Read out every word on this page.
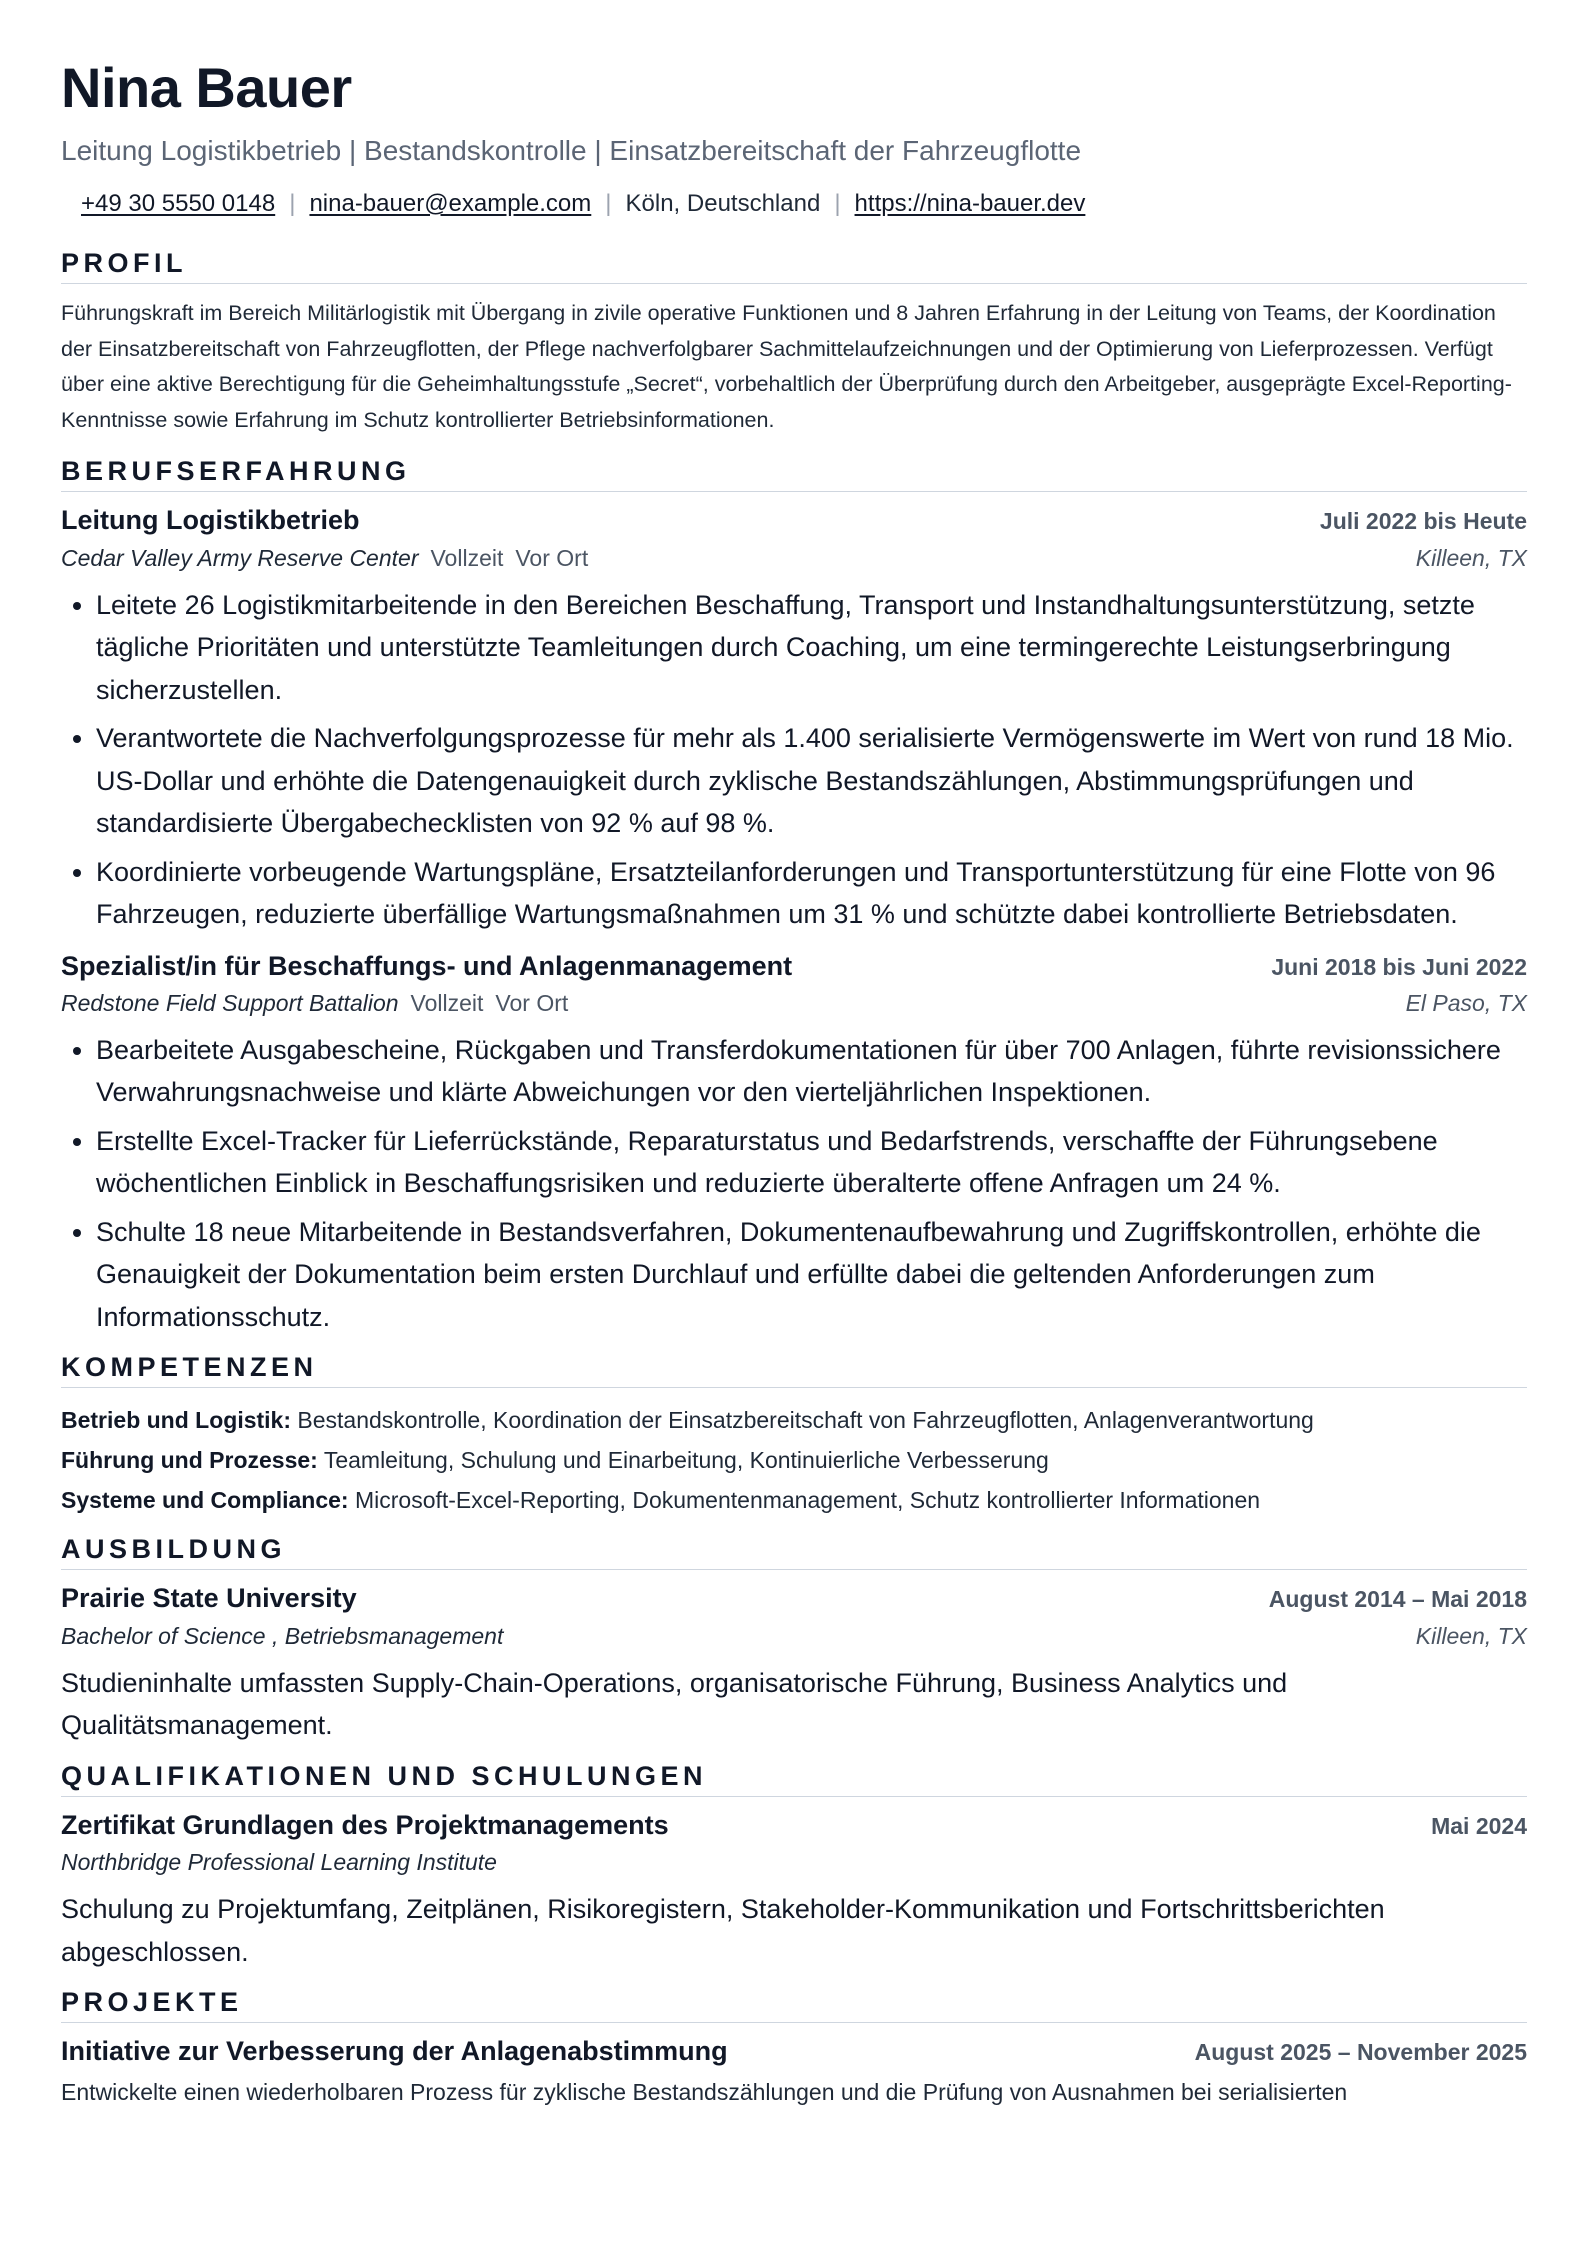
Nina Bauer
Leitung Logistikbetrieb | Bestandskontrolle | Einsatzbereitschaft der Fahrzeugflotte
+49 30 5550 0148 | nina-bauer@example.com | Köln, Deutschland | https://nina-bauer.dev
PROFIL
Führungskraft im Bereich Militärlogistik mit Übergang in zivile operative Funktionen und 8 Jahren Erfahrung in der Leitung von Teams, der Koordination der Einsatzbereitschaft von Fahrzeugflotten, der Pflege nachverfolgbarer Sachmittelaufzeichnungen und der Optimierung von Lieferprozessen. Verfügt über eine aktive Berechtigung für die Geheimhaltungsstufe „Secret“, vorbehaltlich der Überprüfung durch den Arbeitgeber, ausgeprägte Excel-Reporting-Kenntnisse sowie Erfahrung im Schutz kontrollierter Betriebsinformationen.
BERUFSERFAHRUNG
Leitung Logistikbetrieb	Juli 2022 bis Heute
Cedar Valley Army Reserve Center Vollzeit Vor Ort	Killeen, TX
• Leitete 26 Logistikmitarbeitende in den Bereichen Beschaffung, Transport und Instandhaltungsunterstützung, setzte tägliche Prioritäten und unterstützte Teamleitungen durch Coaching, um eine termingerechte Leistungserbringung sicherzustellen.
• Verantwortete die Nachverfolgungsprozesse für mehr als 1.400 serialisierte Vermögenswerte im Wert von rund 18 Mio. US-Dollar und erhöhte die Datengenauigkeit durch zyklische Bestandszählungen, Abstimmungsprüfungen und standardisierte Übergabechecklisten von 92 % auf 98 %.
• Koordinierte vorbeugende Wartungspläne, Ersatzteilanforderungen und Transportunterstützung für eine Flotte von 96 Fahrzeugen, reduzierte überfällige Wartungsmaßnahmen um 31 % und schützte dabei kontrollierte Betriebsdaten.
Spezialist/in für Beschaffungs- und Anlagenmanagement	Juni 2018 bis Juni 2022
Redstone Field Support Battalion Vollzeit Vor Ort	El Paso, TX
• Bearbeitete Ausgabescheine, Rückgaben und Transferdokumentationen für über 700 Anlagen, führte revisionssichere Verwahrungsnachweise und klärte Abweichungen vor den vierteljährlichen Inspektionen.
• Erstellte Excel-Tracker für Lieferrückstände, Reparaturstatus und Bedarfstrends, verschaffte der Führungsebene wöchentlichen Einblick in Beschaffungsrisiken und reduzierte überalterte offene Anfragen um 24 %.
• Schulte 18 neue Mitarbeitende in Bestandsverfahren, Dokumentenaufbewahrung und Zugriffskontrollen, erhöhte die Genauigkeit der Dokumentation beim ersten Durchlauf und erfüllte dabei die geltenden Anforderungen zum Informationsschutz.
KOMPETENZEN
Betrieb und Logistik: Bestandskontrolle, Koordination der Einsatzbereitschaft von Fahrzeugflotten, Anlagenverantwortung
Führung und Prozesse: Teamleitung, Schulung und Einarbeitung, Kontinuierliche Verbesserung
Systeme und Compliance: Microsoft-Excel-Reporting, Dokumentenmanagement, Schutz kontrollierter Informationen
AUSBILDUNG
Prairie State University	August 2014 – Mai 2018
Bachelor of Science , Betriebsmanagement	Killeen, TX
Studieninhalte umfassten Supply-Chain-Operations, organisatorische Führung, Business Analytics und Qualitätsmanagement.
QUALIFIKATIONEN UND SCHULUNGEN
Zertifikat Grundlagen des Projektmanagements	Mai 2024
Northbridge Professional Learning Institute
Schulung zu Projektumfang, Zeitplänen, Risikoregistern, Stakeholder-Kommunikation und Fortschrittsberichten abgeschlossen.
PROJEKTE
Initiative zur Verbesserung der Anlagenabstimmung	August 2025 – November 2025
Entwickelte einen wiederholbaren Prozess für zyklische Bestandszählungen und die Prüfung von Ausnahmen bei serialisierten
